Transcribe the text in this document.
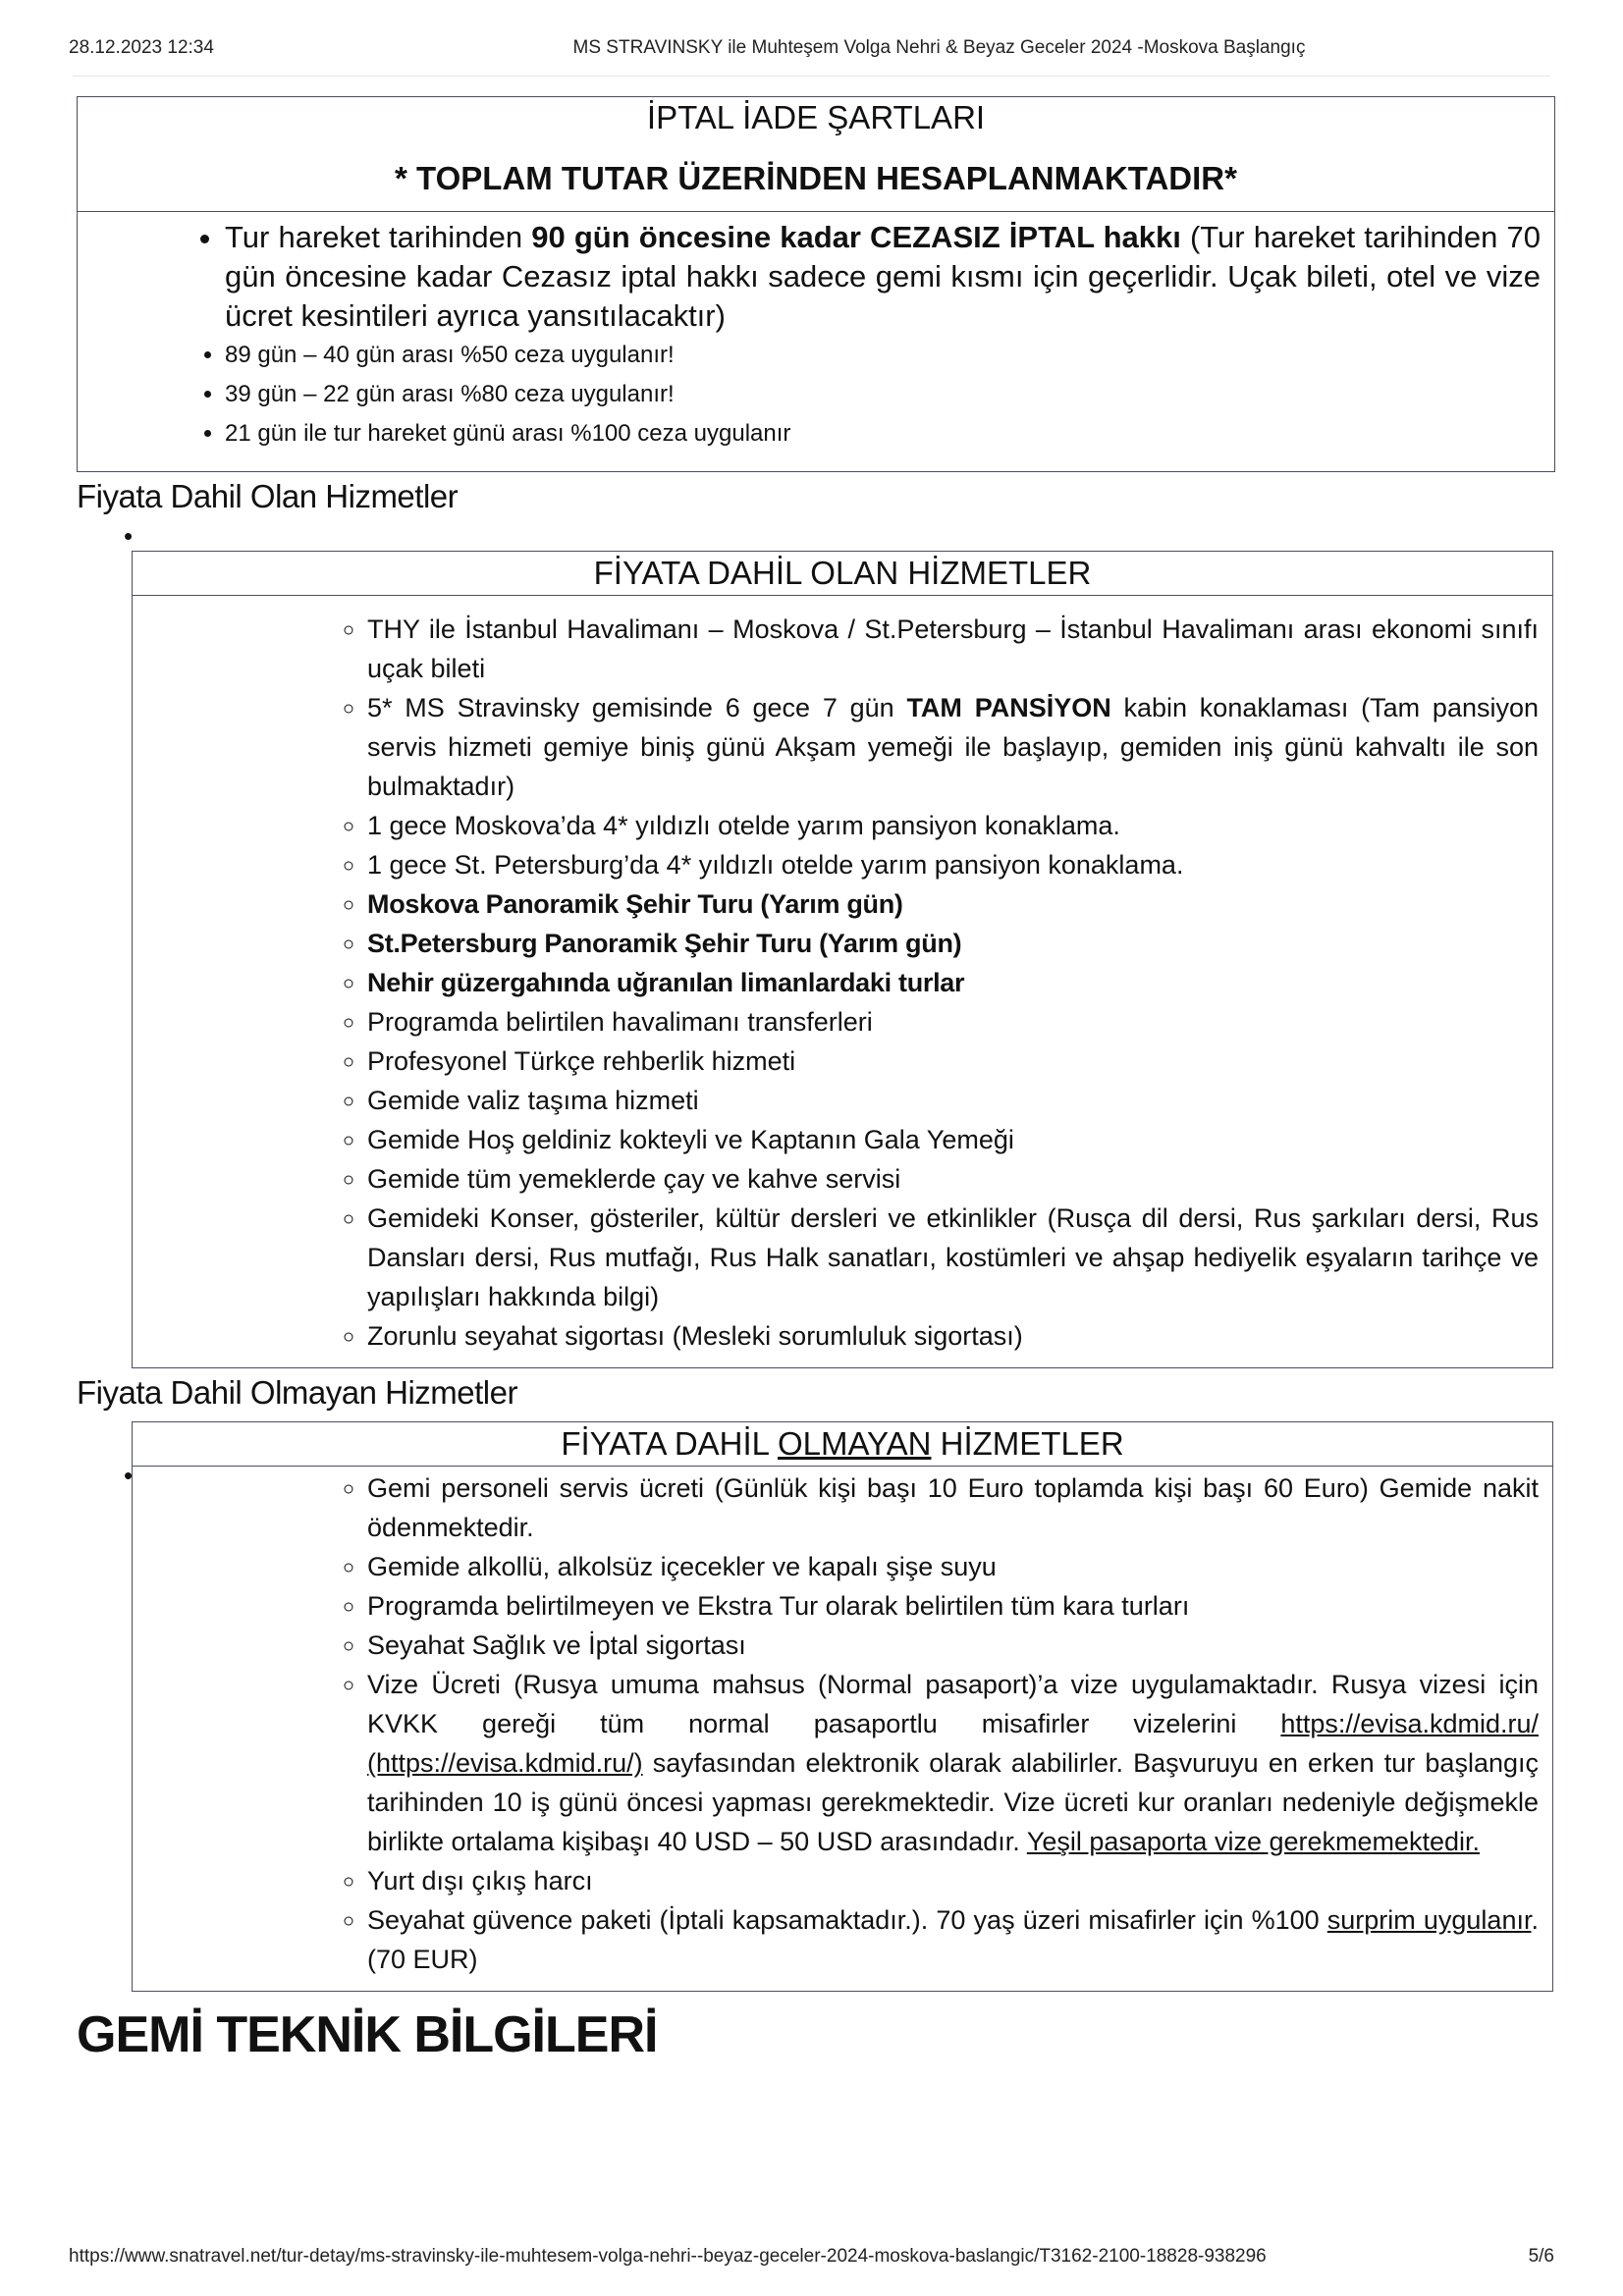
28.12.2023 12:34	MS STRAVINSKY ile Muhteşem Volga Nehri & Beyaz Geceler 2024 -Moskova Başlangıç
İPTAL İADE ŞARTLARI
* TOPLAM TUTAR ÜZERİNDEN HESAPLANMAKTADIR*

• Tur hareket tarihinden 90 gün öncesine kadar CEZASIZ İPTAL hakkı (Tur hareket tarihinden 70 gün öncesine kadar Cezasız iptal hakkı sadece gemi kısmı için geçerlidir. Uçak bileti, otel ve vize ücret kesintileri ayrıca yansıtılacaktır)
• 89 gün – 40 gün arası %50 ceza uygulanır!
• 39 gün – 22 gün arası %80 ceza uygulanır!
• 21 gün ile tur hareket günü arası %100 ceza uygulanır
Fiyata Dahil Olan Hizmetler
•
FİYATA DAHİL OLAN HİZMETLER

◦ THY ile İstanbul Havalimanı – Moskova / St.Petersburg – İstanbul Havalimanı arası ekonomi sınıfı uçak bileti
◦ 5* MS Stravinsky gemisinde 6 gece 7 gün TAM PANSİYON kabin konaklaması (Tam pansiyon servis hizmeti gemiye biniş günü Akşam yemeği ile başlayıp, gemiden iniş günü kahvaltı ile son bulmaktadır)
◦ 1 gece Moskova’da 4* yıldızlı otelde yarım pansiyon konaklama.
◦ 1 gece St. Petersburg’da 4* yıldızlı otelde yarım pansiyon konaklama.
◦ Moskova Panoramik Şehir Turu (Yarım gün)
◦ St.Petersburg Panoramik Şehir Turu (Yarım gün)
◦ Nehir güzergahında uğranılan limanlardaki turlar
◦ Programda belirtilen havalimanı transferleri
◦ Profesyonel Türkçe rehberlik hizmeti
◦ Gemide valiz taşıma hizmeti
◦ Gemide Hoş geldiniz kokteyli ve Kaptanın Gala Yemeği
◦ Gemide tüm yemeklerde çay ve kahve servisi
◦ Gemideki Konser, gösteriler, kültür dersleri ve etkinlikler (Rusça dil dersi, Rus şarkıları dersi, Rus Dansları dersi, Rus mutfağı, Rus Halk sanatları, kostümleri ve ahşap hediyelik eşyaların tarihçe ve yapılışları hakkında bilgi)
◦ Zorunlu seyahat sigortası (Mesleki sorumluluk sigortası)
Fiyata Dahil Olmayan Hizmetler
•
FİYATA DAHİL OLMAYAN HİZMETLER

◦ Gemi personeli servis ücreti (Günlük kişi başı 10 Euro toplamda kişi başı 60 Euro) Gemide nakit ödenmektedir.
◦ Gemide alkollü, alkolsüz içecekler ve kapalı şişe suyu
◦ Programda belirtilmeyen ve Ekstra Tur olarak belirtilen tüm kara turları
◦ Seyahat Sağlık ve İptal sigortası
◦ Vize Ücreti (Rusya umuma mahsus (Normal pasaport)’a vize uygulamaktadır. Rusya vizesi için KVKK gereği tüm normal pasaportlu misafirler vizelerini https://evisa.kdmid.ru/ (https://evisa.kdmid.ru/) sayfasından elektronik olarak alabilirler. Başvuruyu en erken tur başlangıç tarihinden 10 iş günü öncesi yapması gerekmektedir. Vize ücreti kur oranları nedeniyle değişmekle birlikte ortalama kişibaşı 40 USD – 50 USD arasındadır. Yeşil pasaporta vize gerekmemektedir.
◦ Yurt dışı çıkış harcı
◦ Seyahat güvence paketi (İptali kapsamaktadır.). 70 yaş üzeri misafirler için %100 surprim uygulanır.(70 EUR)
GEMİ TEKNİK BİLGİLERİ
https://www.snatravel.net/tur-detay/ms-stravinsky-ile-muhtesem-volga-nehri--beyaz-geceler-2024-moskova-baslangic/T3162-2100-18828-938296	5/6
